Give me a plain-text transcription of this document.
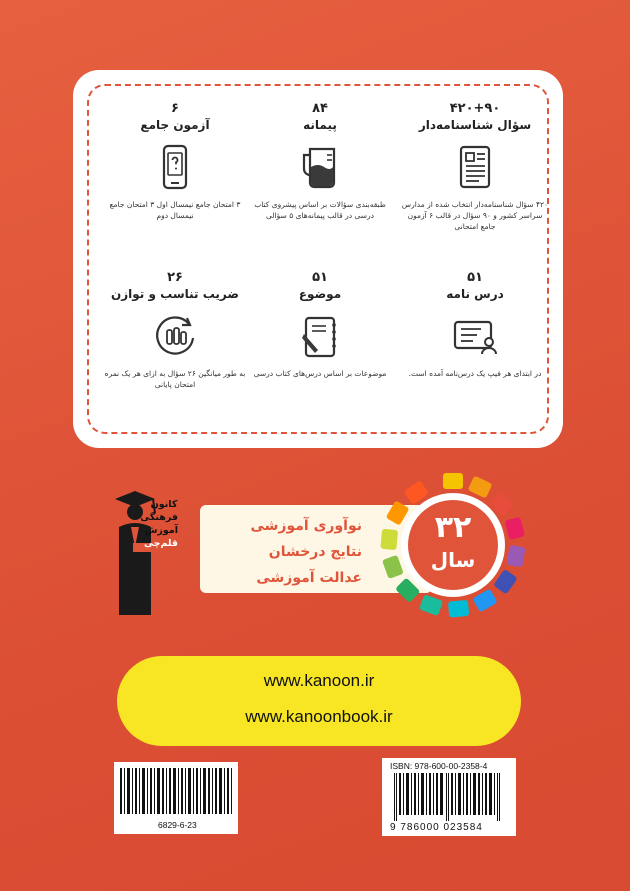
۴۲۰+۹۰
سؤال شناسنامه‌دار
۴۲۰ سؤال شناسنامه‌دار انتخاب شده از مدارس سراسر کشور و ۹۰ سؤال در قالب ۶ آزمون جامع امتحانی
۸۴
پیمانه
طبقه‌بندی سؤالات بر اساس پیشروی کتاب درسی در قالب پیمانه‌های ۵ سؤالی
۶
آزمون جامع
۳ امتحان جامع نیمسال اول ۳ امتحان جامع نیمسال دوم
۵۱
درس نامه
در ابتدای هر فیپ یک درس‌نامه آمده است.
۵۱
موضوع
موضوعات بر اساس درس‌های کتاب درسی
۲۶
ضریب تناسب و توازن
به طور میانگین ۲۶ سؤال به ازای هر یک نمره امتحان پایانی
کانون
فرهنگی
آموزش
قلم‌چی
نوآوری آموزشی
نتایج درخشان
عدالت آموزشی
۳۲
سال
www.kanoon.ir
www.kanoonbook.ir
6829-6-23
ISBN: 978-600-00-2358-4
9 786000 023584
